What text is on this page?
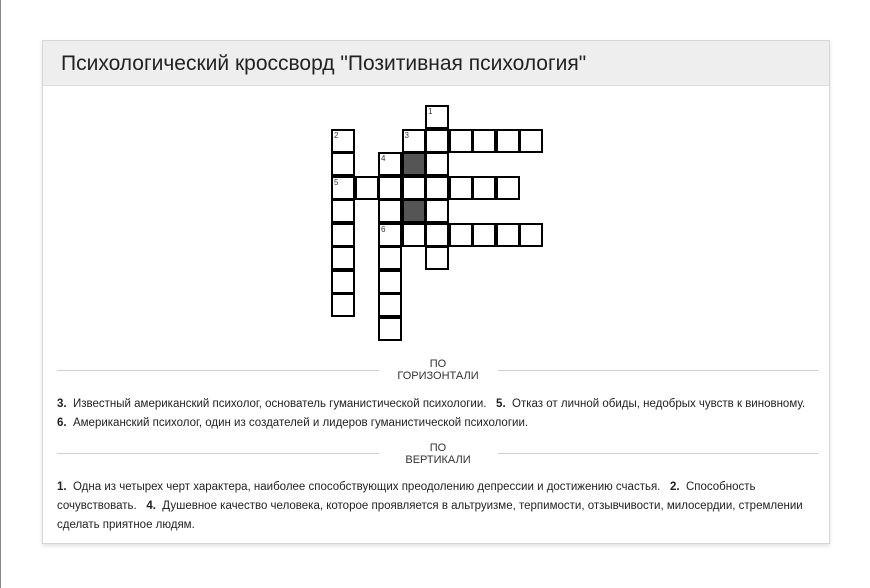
Психологический кроссворд "Позитивная психология"
2
5
4
6
1
3
ПО
ГОРИЗОНТАЛИ
3. Известный американский психолог, основатель гуманистической психологии. 5. Отказ от личной обиды, недобрых чувств к виновному.   6. Американский психолог, один из создателей и лидеров гуманистической психологии.
ПО
ВЕРТИКАЛИ
1. Одна из четырех черт характера, наиболее способствующих преодолению депрессии и достижению счастья. 2. Способность сочувствовать. 4. Душевное качество человека, которое проявляется в альтруизме, терпимости, отзывчивости, милосердии, стремлении сделать приятное людям.
